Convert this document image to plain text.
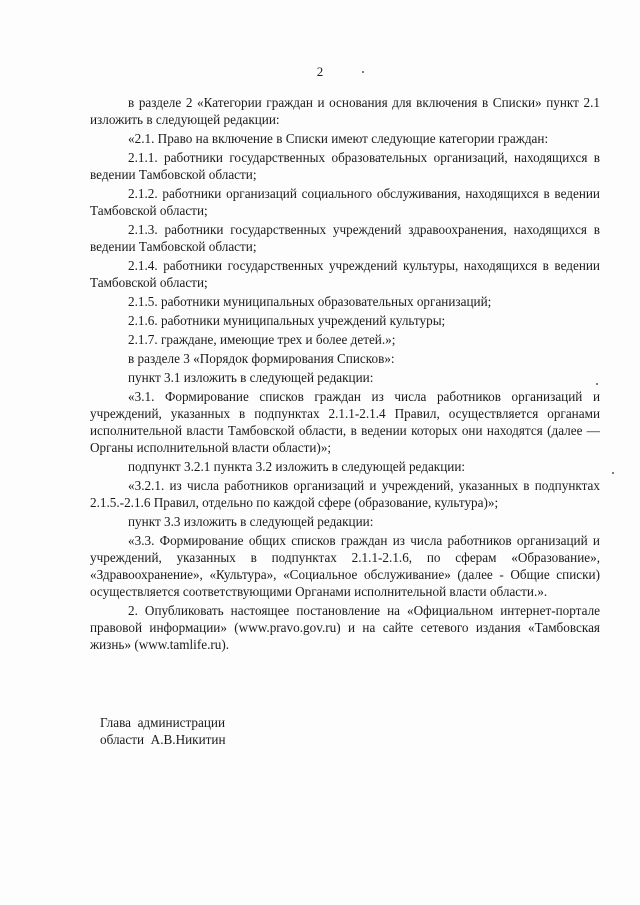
2

в разделе 2 «Категории граждан и основания для включения в Списки» пункт 2.1 изложить в следующей редакции:

«2.1. Право на включение в Списки имеют следующие категории граждан:

2.1.1. работники государственных образовательных организаций, находящихся в ведении Тамбовской области;

2.1.2. работники организаций социального обслуживания, находящихся в ведении Тамбовской области;

2.1.3. работники государственных учреждений здравоохранения, находящихся в ведении Тамбовской области;

2.1.4. работники государственных учреждений культуры, находящихся в ведении Тамбовской области;

2.1.5. работники муниципальных образовательных организаций;

2.1.6. работники муниципальных учреждений культуры;

2.1.7. граждане, имеющие трех и более детей.»;

в разделе 3 «Порядок формирования Списков»:

пункт 3.1 изложить в следующей редакции:

«3.1. Формирование списков граждан из числа работников организаций и учреждений, указанных в подпунктах 2.1.1-2.1.4 Правил, осуществляется органами исполнительной власти Тамбовской области, в ведении которых они находятся (далее — Органы исполнительной власти области)»;

подпункт 3.2.1 пункта 3.2 изложить в следующей редакции:

«3.2.1. из числа работников организаций и учреждений, указанных в подпунктах 2.1.5.-2.1.6 Правил, отдельно по каждой сфере (образование, культура)»;

пункт 3.3 изложить в следующей редакции:

«3.3. Формирование общих списков граждан из числа работников организаций и учреждений, указанных в подпунктах 2.1.1-2.1.6, по сферам «Образование», «Здравоохранение», «Культура», «Социальное обслуживание» (далее - Общие списки) осуществляется соответствующими Органами исполнительной власти области.».

2. Опубликовать настоящее постановление на «Официальном интернет-портале правовой информации» (www.pravo.gov.ru) и на сайте сетевого издания «Тамбовская жизнь» (www.tamlife.ru).

Глава  администрации
области  А.В.Никитин
